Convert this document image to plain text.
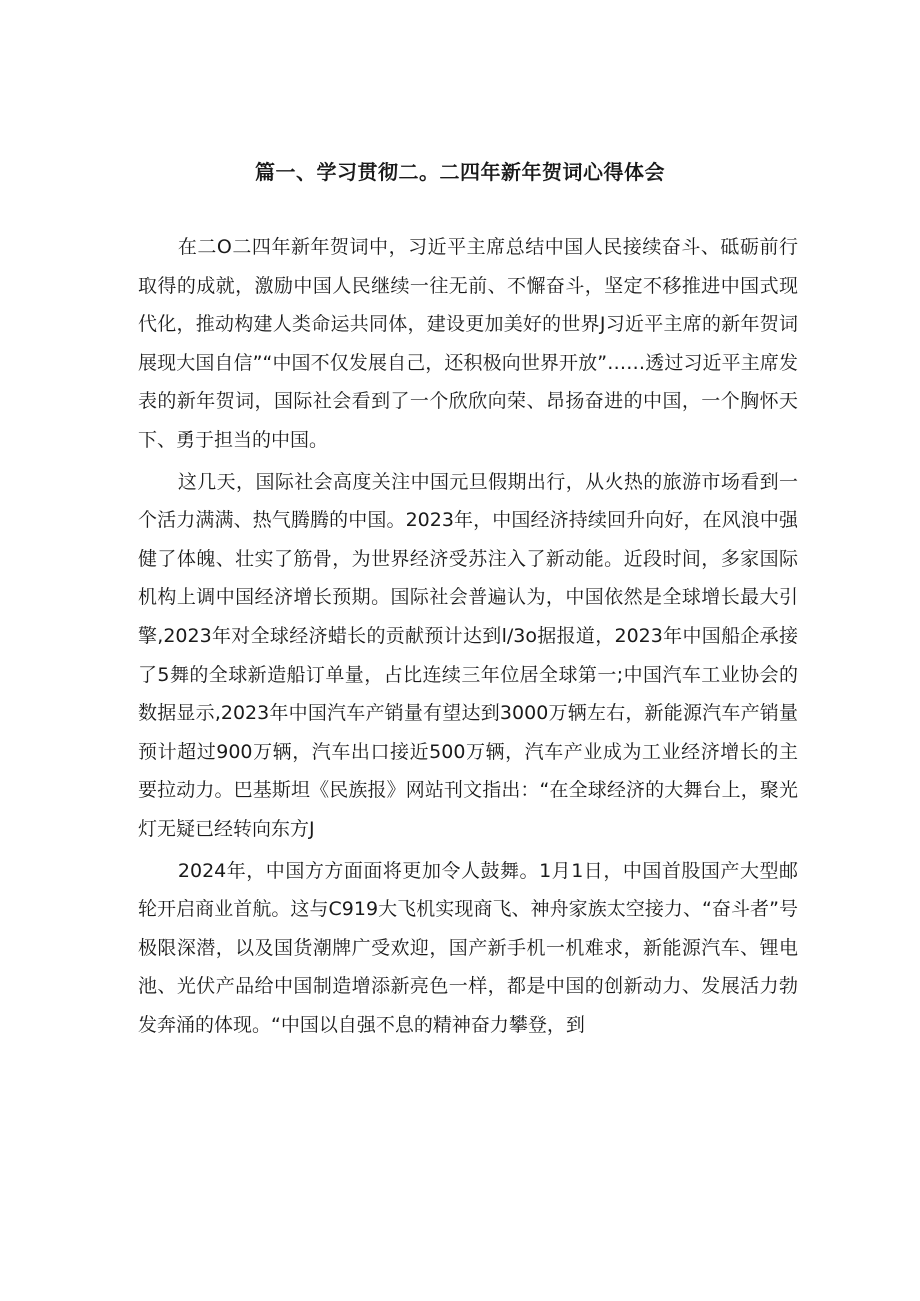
篇一、学习贯彻二。二四年新年贺词心得体会

在二O二四年新年贺词中，习近平主席总结中国人民接续奋斗、砥砺前行取得的成就，激励中国人民继续一往无前、不懈奋斗，坚定不移推进中国式现代化，推动构建人类命运共同体，建设更加美好的世界J习近平主席的新年贺词展现大国自信”“中国不仅发展自己，还积极向世界开放”……透过习近平主席发表的新年贺词，国际社会看到了一个欣欣向荣、昂扬奋进的中国，一个胸怀天下、勇于担当的中国。

这几天，国际社会高度关注中国元旦假期出行，从火热的旅游市场看到一个活力满满、热气腾腾的中国。2023年，中国经济持续回升向好，在风浪中强健了体魄、壮实了筋骨，为世界经济受苏注入了新动能。近段时间，多家国际机构上调中国经济增长预期。国际社会普遍认为，中国依然是全球增长最大引擎,2023年对全球经济蜡长的贡献预计达到l/3o据报道，2023年中国船企承接了5舞的全球新造船订单量，占比连续三年位居全球第一;中国汽车工业协会的数据显示,2023年中国汽车产销量有望达到3000万辆左右，新能源汽车产销量预计超过900万辆，汽车出口接近500万辆，汽车产业成为工业经济增长的主要拉动力。巴基斯坦《民族报》网站刊文指出：“在全球经济的大舞台上，聚光灯无疑已经转向东方J

2024年，中国方方面面将更加令人鼓舞。1月1日，中国首股国产大型邮轮开启商业首航。这与C919大飞机实现商飞、神舟家族太空接力、“奋斗者”号极限深潜，以及国货潮牌广受欢迎，国产新手机一机难求，新能源汽车、锂电池、光伏产品给中国制造增添新亮色一样，都是中国的创新动力、发展活力勃发奔涌的体现。“中国以自强不息的精神奋力攀登，到
